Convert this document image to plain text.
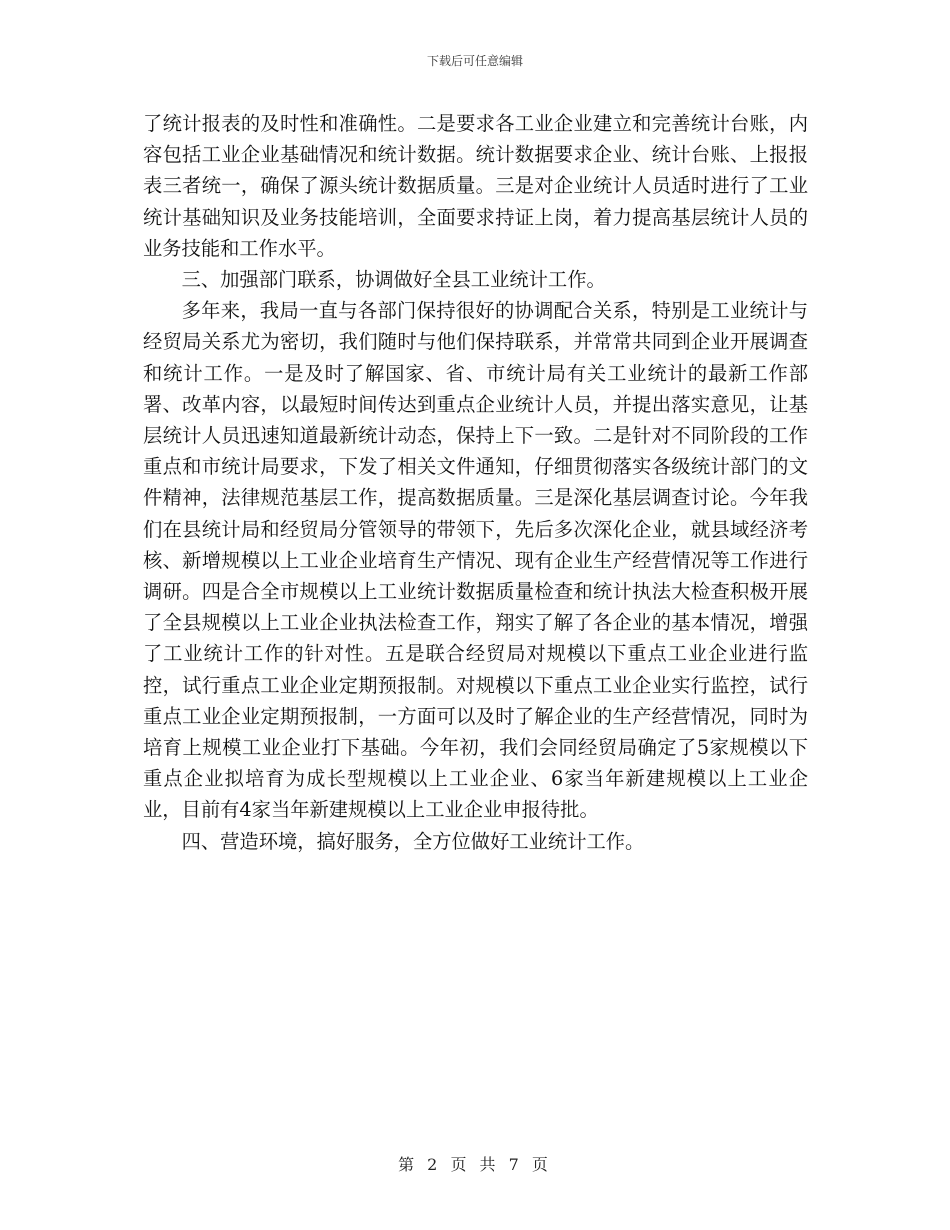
下载后可任意编辑

了统计报表的及时性和准确性。二是要求各工业企业建立和完善统计台账，内容包括工业企业基础情况和统计数据。统计数据要求企业、统计台账、上报报表三者统一，确保了源头统计数据质量。三是对企业统计人员适时进行了工业统计基础知识及业务技能培训，全面要求持证上岗，着力提高基层统计人员的业务技能和工作水平。

三、加强部门联系，协调做好全县工业统计工作。

多年来，我局一直与各部门保持很好的协调配合关系，特别是工业统计与经贸局关系尤为密切，我们随时与他们保持联系，并常常共同到企业开展调查和统计工作。一是及时了解国家、省、市统计局有关工业统计的最新工作部署、改革内容，以最短时间传达到重点企业统计人员，并提出落实意见，让基层统计人员迅速知道最新统计动态，保持上下一致。二是针对不同阶段的工作重点和市统计局要求，下发了相关文件通知，仔细贯彻落实各级统计部门的文件精神，法律规范基层工作，提高数据质量。三是深化基层调查讨论。今年我们在县统计局和经贸局分管领导的带领下，先后多次深化企业，就县域经济考核、新增规模以上工业企业培育生产情况、现有企业生产经营情况等工作进行调研。四是合全市规模以上工业统计数据质量检查和统计执法大检查积极开展了全县规模以上工业企业执法检查工作，翔实了解了各企业的基本情况，增强了工业统计工作的针对性。五是联合经贸局对规模以下重点工业企业进行监控，试行重点工业企业定期预报制。对规模以下重点工业企业实行监控，试行重点工业企业定期预报制，一方面可以及时了解企业的生产经营情况，同时为培育上规模工业企业打下基础。今年初，我们会同经贸局确定了5家规模以下重点企业拟培育为成长型规模以上工业企业、6家当年新建规模以上工业企业，目前有4家当年新建规模以上工业企业申报待批。

四、营造环境，搞好服务，全方位做好工业统计工作。

第 2 页 共 7 页
